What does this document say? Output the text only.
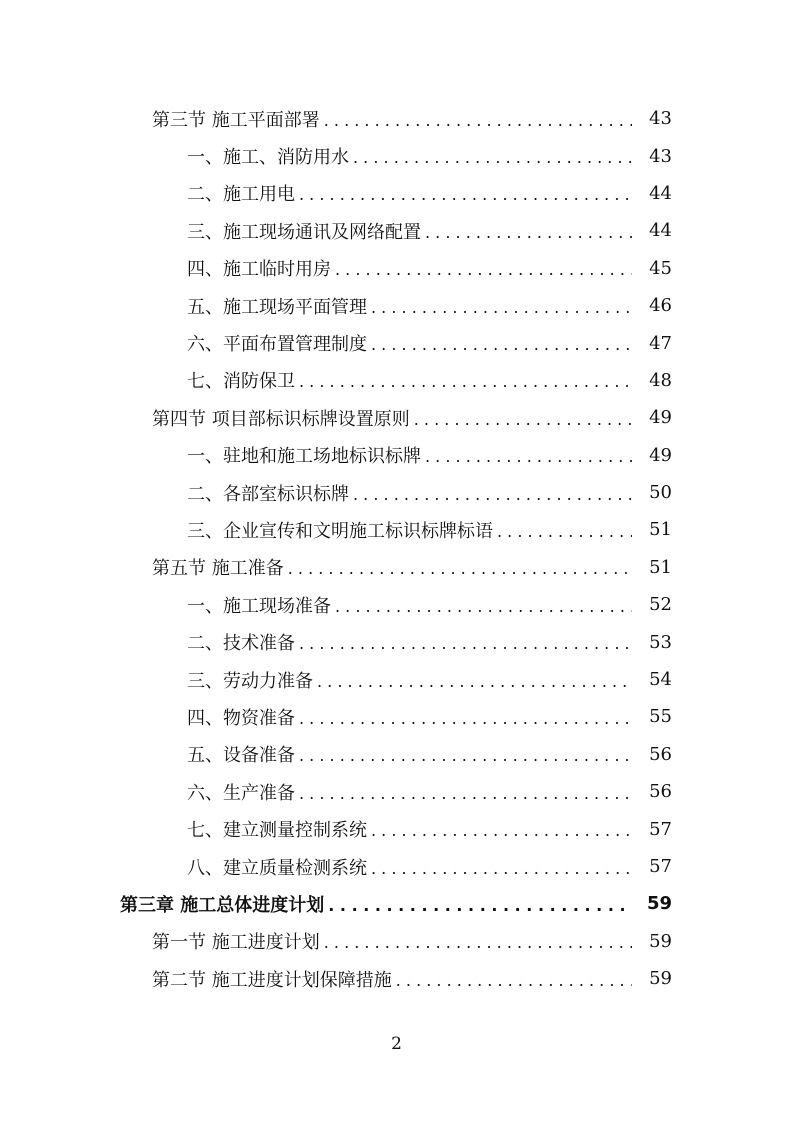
第三节 施工平面部署 . . .	43
一、施工、消防用水 . . .	43
二、施工用电 . . .	44
三、施工现场通讯及网络配置 . . .	44
四、施工临时用房 . . .	45
五、施工现场平面管理 . . .	46
六、平面布置管理制度 . . .	47
七、消防保卫 . . .	48
第四节 项目部标识标牌设置原则 . . .	49
一、驻地和施工场地标识标牌 . . .	49
二、各部室标识标牌 . . .	50
三、企业宣传和文明施工标识标牌标语 . . .	51
第五节 施工准备 . . .	51
一、施工现场准备 . . .	52
二、技术准备 . . .	53
三、劳动力准备 . . .	54
四、物资准备 . . .	55
五、设备准备 . . .	56
六、生产准备 . . .	56
七、建立测量控制系统 . . .	57
八、建立质量检测系统 . . .	57
第三章 施工总体进度计划 . . .	59
第一节 施工进度计划 . . .	59
第二节 施工进度计划保障措施 . . .	59
2
